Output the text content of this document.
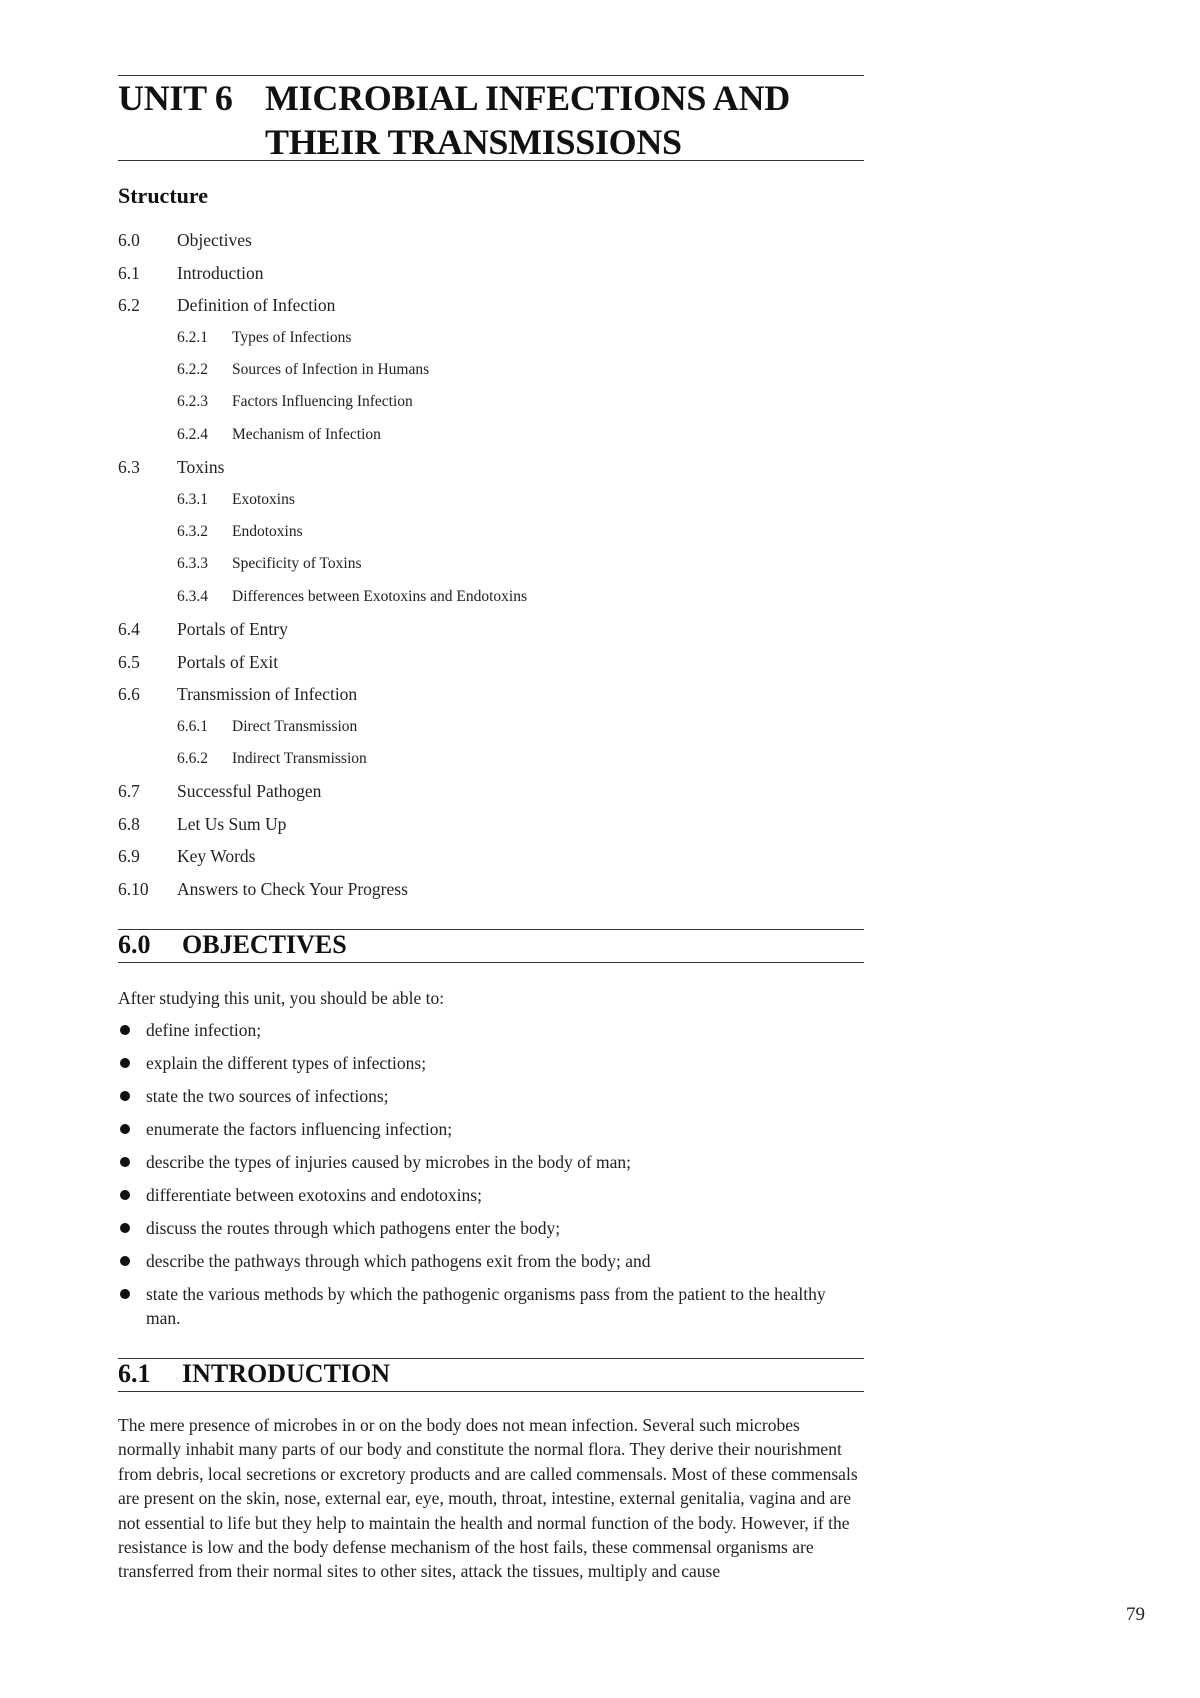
UNIT 6 MICROBIAL INFECTIONS AND
THEIR TRANSMISSIONS
Structure
6.0 Objectives
6.1 Introduction
6.2 Definition of Infection
6.2.1 Types of Infections
6.2.2 Sources of Infection in Humans
6.2.3 Factors Influencing Infection
6.2.4 Mechanism of Infection
6.3 Toxins
6.3.1 Exotoxins
6.3.2 Endotoxins
6.3.3 Specificity of Toxins
6.3.4 Differences between Exotoxins and Endotoxins
6.4 Portals of Entry
6.5 Portals of Exit
6.6 Transmission of Infection
6.6.1 Direct Transmission
6.6.2 Indirect Transmission
6.7 Successful Pathogen
6.8 Let Us Sum Up
6.9 Key Words
6.10 Answers to Check Your Progress
6.0 OBJECTIVES

After studying this unit, you should be able to:

define infection;
explain the different types of infections;
state the two sources of infections;
enumerate the factors influencing infection;
describe the types of injuries caused by microbes in the body of man;
differentiate between exotoxins and endotoxins;
discuss the routes through which pathogens enter the body;
describe the pathways through which pathogens exit from the body; and
state the various methods by which the pathogenic organisms pass from the patient to the healthy man.
6.1 INTRODUCTION

The mere presence of microbes in or on the body does not mean infection. Several such microbes normally inhabit many parts of our body and constitute the normal flora. They derive their nourishment from debris, local secretions or excretory products and are called commensals. Most of these commensals are present on the skin, nose, external ear, eye, mouth, throat, intestine, external genitalia, vagina and are not essential to life but they help to maintain the health and normal function of the body. However, if the resistance is low and the body defense mechanism of the host fails, these commensal organisms are transferred from their normal sites to other sites, attack the tissues, multiply and cause

79
